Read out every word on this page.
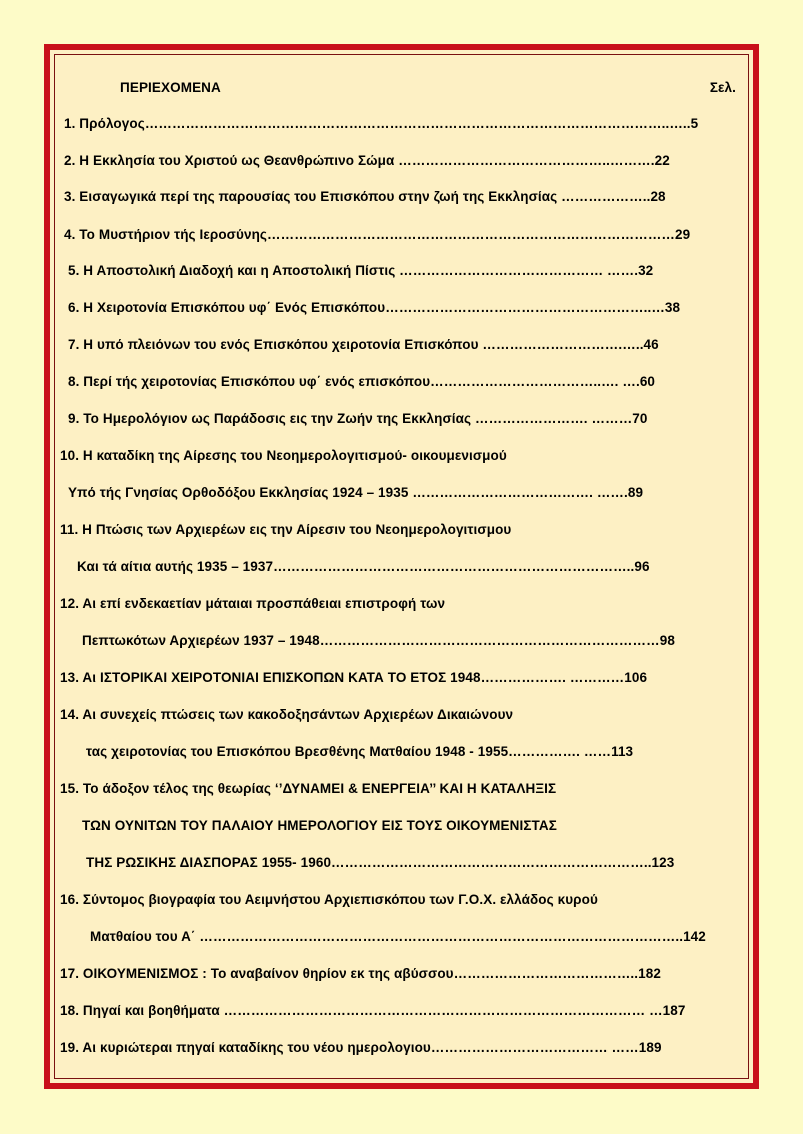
ΠΕΡΙΕΧΟΜΕΝΑ	Σελ.
1. Πρόλογος……………………………………………………………………………………………………..…..5
2. Η Εκκλησία του Χριστού ως Θεανθρώπινο Σώμα ………………………………………..……….22
3. Εισαγωγικά περί της παρουσίας του Επισκόπου στην ζωή της Εκκλησίας ………………..28
4. Το Μυστήριον τής Ιεροσύνης………………………………………………………………………………29
5. Η Αποστολική Διαδοχή και η Αποστολική Πίστις ……………………………………… …….32
6. Η Χειροτονία Επισκόπου υφ΄ Ενός Επισκόπου…………………………………………………..…38
7. Η υπό πλειόνων του ενός Επισκόπου χειροτονία Επισκόπου ………………………….…..46
8. Περί τής χειροτονίας Επισκόπου υφ΄ ενός επισκόπου………………………………..…. ….60
9. Το Ημερολόγιον ως Παράδοσις εις την Ζωήν της Εκκλησίας ……………………. ………70
10. Η καταδίκη της Αίρεσης του Νεοημερολογιτισμού- οικουμενισμού
Υπό τής Γνησίας Ορθοδόξου Εκκλησίας 1924 – 1935 …………………………………. …….89
11. Η Πτώσις των Αρχιερέων εις την Αίρεσιν του Νεοημερολογιτισμου
Και τά αίτια αυτής 1935 – 1937……………………………………………………………………..96
12. Αι επί ενδεκαετίαν μάταιαι προσπάθειαι επιστροφή των
Πεπτωκότων Αρχιερέων 1937 – 1948…………………………………………………………………98
13. Αι ΙΣΤΟΡΙΚΑΙ ΧΕΙΡΟΤΟΝΙΑΙ ΕΠΙΣΚΟΠΩΝ ΚΑΤΑ ΤΟ ΕΤΟΣ 1948………………. …………106
14. Αι συνεχείς πτώσεις των κακοδοξησάντων Αρχιερέων Δικαιώνουν
τας χειροτονίας του Επισκόπου Βρεσθένης Ματθαίου 1948 - 1955……………. ……113
15. Το άδοξον τέλος της θεωρίας ‘’ΔΥΝΑΜΕΙ & ΕΝΕΡΓΕΙΑ’’ ΚΑΙ Η ΚΑΤΑΛΗΞΙΣ
ΤΩΝ ΟΥΝΙΤΩΝ ΤΟΥ ΠΑΛΑΙΟΥ ΗΜΕΡΟΛΟΓΙΟΥ ΕΙΣ ΤΟΥΣ ΟΙΚΟΥΜΕΝΙΣΤΑΣ
ΤΗΣ ΡΩΣΙΚΗΣ ΔΙΑΣΠΟΡΑΣ 1955- 1960……………………………………………………………..123
16. Σύντομος βιογραφία του Αειμνήστου Αρχιεπισκόπου των Γ.Ο.Χ. ελλάδος κυρού
Ματθαίου του Α΄ ……………………………………………………………………………………………..142
17. ΟΙΚΟΥΜΕΝΙΣΜΟΣ : Το αναβαίνον θηρίον εκ της αβύσσου…………………………………..182
18. Πηγαί και βοηθήματα ………………………………………………………………………………… …187
19. Αι κυριώτεραι πηγαί καταδίκης του νέου ημερολογιου………………………………… ……189
